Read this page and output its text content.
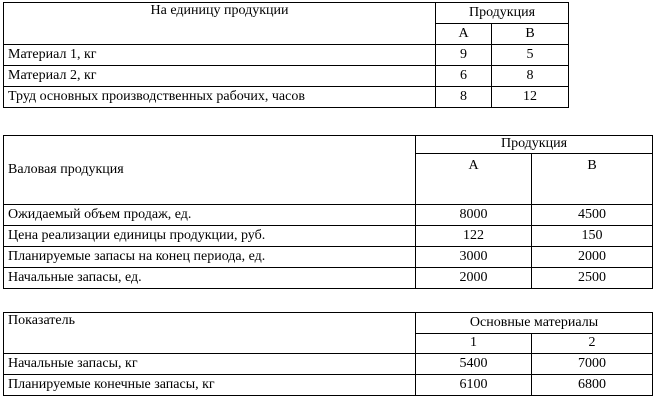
На единицу продукции	Продукция	
	А	В
Материал 1, кг	9	5
Материал 2, кг	6	8
Труд основных производственных рабочих, часов	8	12
Валовая продукция	Продукция	
	А	В
Ожидаемый объем продаж, ед.	8000	4500
Цена реализации единицы продукции, руб.	122	150
Планируемые запасы на конец периода, ед.	3000	2000
Начальные запасы, ед.	2000	2500
Показатель	Основные материалы	
	1	2
Начальные запасы, кг	5400	7000
Планируемые конечные запасы, кг	6100	6800
